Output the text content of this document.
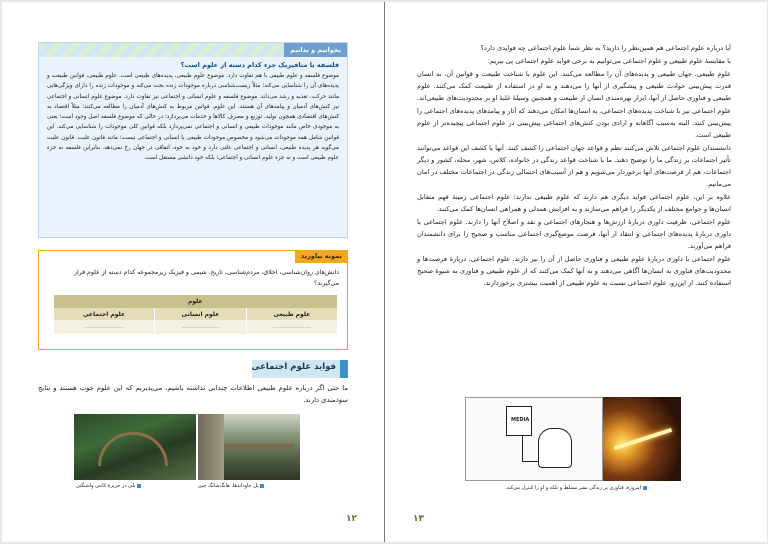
بخوانیم و بدانیم
فلسفه یا متافیزیک جزء کدام دسته از علوم است؟
موضوع فلسفه و علوم طبیعی با هم تفاوت دارد. موضوع علوم طبیعی، پدیده‌های طبیعی است. علوم طبیعی، قوانین طبیعت و پدیده‌های آن را شناسایی می‌کند؛ مثلاً زیست‌شناسی درباره موجودات زنده بحث می‌کند و موجودات زنده را دارای ویژگی‌هایی مانند حرکت، تغذیه و رشد می‌داند. موضوع فلسفه و علوم انسانی و اجتماعی نیز تفاوت دارد. موضوع علوم انسانی و اجتماعی نیز کنش‌های آدمیان و پیامدهای آن هستند. این علوم، قوانین مربوط به کنش‌های آدمیان را مطالعه می‌کنند؛ مثلاً اقتصاد به کنش‌های اقتصادی همچون تولید، توزیع و مصرف کالاها و خدمات می‌پردازد؛ در حالی که موضوع فلسفه اصل وجود است؛ یعنی به موجودی خاص مانند موجودات طبیعی و انسانی و اجتماعی نمی‌پردازد بلکه قوانین کلی موجودات را شناسایی می‌کند. این قوانین شامل همه موجودات می‌شود و مخصوص موجودات طبیعی یا انسانی و اجتماعی نیست؛ مانند قانون علیت. قانون علیت می‌گوید هر پدیده طبیعی، انسانی و اجتماعی علتی دارد و خود به خود، اتفاقی در جهان رخ نمی‌دهد. بنابراین فلسفه نه جزء علوم طبیعی است و نه جزء علوم انسانی و اجتماعی؛ بلکه خود دانشی مستقل است.
نمونه بیاورید
دانش‌های روان‌شناسی، اخلاق، مردم‌شناسی، تاریخ، شیمی و فیزیک زیرمجموعه کدام دسته از علوم قرار می‌گیرند؟
علوم		
علوم طبیعی	علوم انسانی	علوم اجتماعی
........................	........................	........................
فواید علوم اجتماعی
ما حتی اگر درباره علوم طبیعی اطلاعات چندانی نداشته باشیم، می‌پذیریم که این علوم خوب هستند و نتایج سودمندی دارند.
پل جاوداندها، هانگ‌شانگ چین
پلی در جزیرهٔ کانتی واشنگتن
۱۲

آیا درباره علوم اجتماعی هم همین‌نظر را دارید؟ به نظر شما علوم اجتماعی چه فوایدی دارد؟

با مقایسهٔ علوم طبیعی و علوم اجتماعی می‌توانیم به برخی فواید علوم اجتماعی پی ببریم:

علوم طبیعی، جهان طبیعی و پدیده‌های آن را مطالعه می‌کنند. این علوم با شناخت طبیعت و قوانین آن، به انسان قدرت پیش‌بینی حوادث طبیعی و پیشگیری از آنها را می‌دهند و به او در استفاده از طبیعت کمک می‌کنند. علوم طبیعی و فناوری حاصل از آنها، ابزار بهره‌مندی انسان از طبیعت و همچنین وسیلهٔ غلبهٔ او بر محدودیت‌های طبیعی‌اند.

علوم اجتماعی نیز با شناخت پدیده‌های اجتماعی، به انسان‌ها امکان می‌دهند که آثار و پیامدهای پدیده‌های اجتماعی را پیش‌بینی کنند. البته به‌سبب آگاهانه و ارادی بودن کنش‌های اجتماعی پیش‌بینی در علوم اجتماعی پیچیده‌تر از علوم طبیعی است.

دانشمندان علوم اجتماعی تلاش می‌کنند نظم و قواعد جهان اجتماعی را کشف کنند. آنها با کشف این قواعد می‌توانند تأثیر اجتماعات بر زندگی ما را توضیح دهند. ما با شناخت قواعد زندگی در خانواده، کلاس، شهر، محله، کشور و دیگر اجتماعات، هم از فرصت‌های آنها برخوردار می‌شویم و هم از آسیب‌های احتمالی زندگی در اجتماعات مختلف در امان می‌مانیم.

علاوه بر این، علوم اجتماعی فواید دیگری هم دارند که علوم طبیعی ندارند؛ علوم اجتماعی زمینهٔ فهم متقابل انسان‌ها و جوامع مختلف از یکدیگر را فراهم می‌سازند و به افزایش همدلی و همراهی انسان‌ها کمک می‌کنند.

علوم اجتماعی، ظرفیت داوری دربارهٔ ارزش‌ها و هنجارهای اجتماعی و نقد و اصلاح آنها را دارند. علوم اجتماعی با داوری دربارهٔ پدیده‌های اجتماعی و انتقاد از آنها، فرصت موضع‌گیری اجتماعی مناسب و صحیح را برای دانشمندان فراهم می‌آورند.

علوم اجتماعی با داوری دربارهٔ علوم طبیعی و فناوری حاصل از آن را نیز دارند. علوم اجتماعی، دربارهٔ فرصت‌ها و محدودیت‌های فناوری به انسان‌ها آگاهی می‌دهند و به آنها کمک می‌کنند که از علوم طبیعی و فناوری به شیوهٔ صحیح استفاده کنند. از این‌رو، علوم اجتماعی نسبت به علوم طبیعی از اهمیت بیشتری برخوردارند.

MEDIA
امروزه، فناوری بر زندگی بشر مسلط و بلکه و او را کنترل می‌کند.
۱۳
